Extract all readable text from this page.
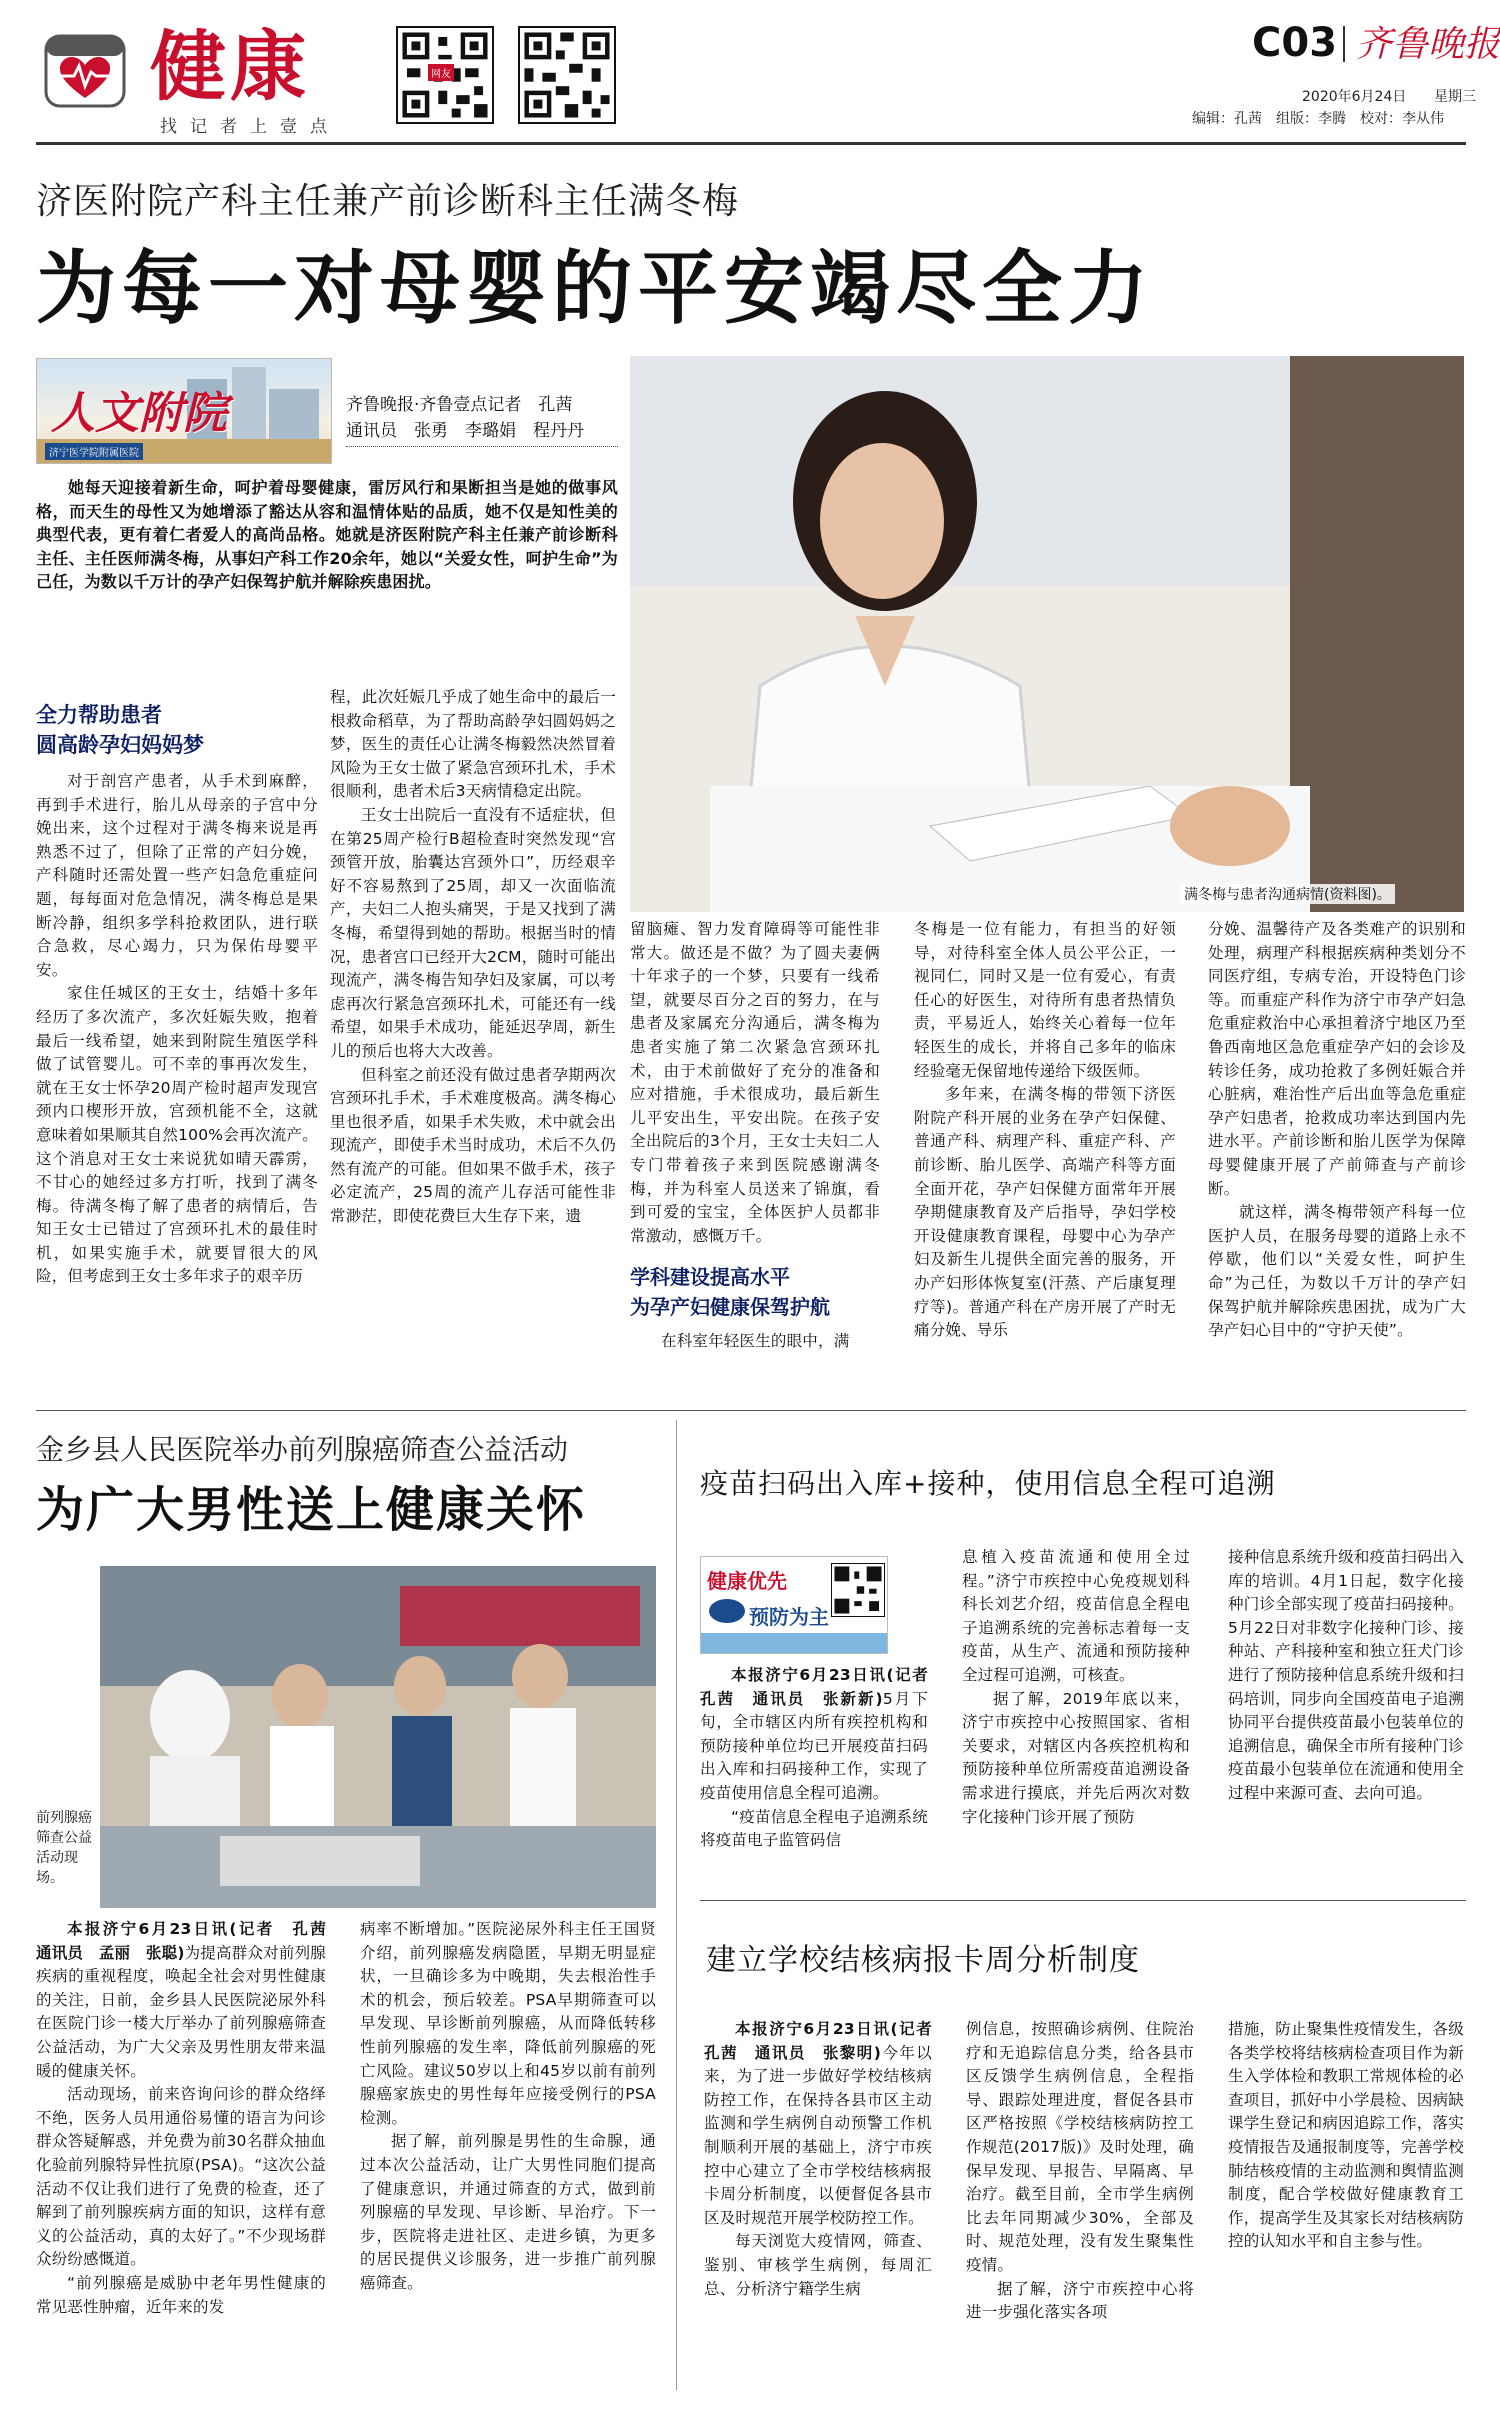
健康
找记者上壹点
网友
C03 齐鲁晚报
2020年6月24日 星期三
编辑：孔茜　组版：李腾　校对：李从伟
济医附院产科主任兼产前诊断科主任满冬梅
为每一对母婴的平安竭尽全力
人文附院
济宁医学院附属医院
齐鲁晚报·齐鲁壹点记者　孔茜
通讯员　张勇　李璐娟　程丹丹

她每天迎接着新生命，呵护着母婴健康，雷厉风行和果断担当是她的做事风格，而天生的母性又为她增添了豁达从容和温情体贴的品质，她不仅是知性美的典型代表，更有着仁者爱人的高尚品格。她就是济医附院产科主任兼产前诊断科主任、主任医师满冬梅，从事妇产科工作20余年，她以“关爱女性，呵护生命”为己任，为数以千万计的孕产妇保驾护航并解除疾患困扰。

满冬梅与患者沟通病情(资料图)。
全力帮助患者
圆高龄孕妇妈妈梦

对于剖宫产患者，从手术到麻醉，再到手术进行，胎儿从母亲的子宫中分娩出来，这个过程对于满冬梅来说是再熟悉不过了，但除了正常的产妇分娩，产科随时还需处置一些产妇急危重症问题，每每面对危急情况，满冬梅总是果断冷静，组织多学科抢救团队，进行联合急救，尽心竭力，只为保佑母婴平安。

家住任城区的王女士，结婚十多年经历了多次流产，多次妊娠失败，抱着最后一线希望，她来到附院生殖医学科做了试管婴儿。可不幸的事再次发生，就在王女士怀孕20周产检时超声发现宫颈内口楔形开放，宫颈机能不全，这就意味着如果顺其自然100%会再次流产。这个消息对王女士来说犹如晴天霹雳，不甘心的她经过多方打听，找到了满冬梅。待满冬梅了解了患者的病情后，告知王女士已错过了宫颈环扎术的最佳时机，如果实施手术，就要冒很大的风险，但考虑到王女士多年求子的艰辛历

程，此次妊娠几乎成了她生命中的最后一根救命稻草，为了帮助高龄孕妇圆妈妈之梦，医生的责任心让满冬梅毅然决然冒着风险为王女士做了紧急宫颈环扎术，手术很顺利，患者术后3天病情稳定出院。

王女士出院后一直没有不适症状，但在第25周产检行B超检查时突然发现“宫颈管开放，胎囊达宫颈外口”，历经艰辛好不容易熬到了25周，却又一次面临流产，夫妇二人抱头痛哭，于是又找到了满冬梅，希望得到她的帮助。根据当时的情况，患者宫口已经开大2CM，随时可能出现流产，满冬梅告知孕妇及家属，可以考虑再次行紧急宫颈环扎术，可能还有一线希望，如果手术成功，能延迟孕周，新生儿的预后也将大大改善。

但科室之前还没有做过患者孕期两次宫颈环扎手术，手术难度极高。满冬梅心里也很矛盾，如果手术失败，术中就会出现流产，即使手术当时成功，术后不久仍然有流产的可能。但如果不做手术，孩子必定流产，25周的流产儿存活可能性非常渺茫，即使花费巨大生存下来，遗

留脑瘫、智力发育障碍等可能性非常大。做还是不做？为了圆夫妻俩十年求子的一个梦，只要有一线希望，就要尽百分之百的努力，在与患者及家属充分沟通后，满冬梅为患者实施了第二次紧急宫颈环扎术，由于术前做好了充分的准备和应对措施，手术很成功，最后新生儿平安出生，平安出院。在孩子安全出院后的3个月，王女士夫妇二人专门带着孩子来到医院感谢满冬梅，并为科室人员送来了锦旗，看到可爱的宝宝，全体医护人员都非常激动，感慨万千。

学科建设提高水平
为孕产妇健康保驾护航

在科室年轻医生的眼中，满

冬梅是一位有能力，有担当的好领导，对待科室全体人员公平公正，一视同仁，同时又是一位有爱心，有责任心的好医生，对待所有患者热情负责，平易近人，始终关心着每一位年轻医生的成长，并将自己多年的临床经验毫无保留地传递给下级医师。

多年来，在满冬梅的带领下济医附院产科开展的业务在孕产妇保健、普通产科、病理产科、重症产科、产前诊断、胎儿医学、高端产科等方面全面开花，孕产妇保健方面常年开展孕期健康教育及产后指导，孕妇学校开设健康教育课程，母婴中心为孕产妇及新生儿提供全面完善的服务，开办产妇形体恢复室(汗蒸、产后康复理疗等)。普通产科在产房开展了产时无痛分娩、导乐

分娩、温馨待产及各类难产的识别和处理，病理产科根据疾病种类划分不同医疗组，专病专治，开设特色门诊等。而重症产科作为济宁市孕产妇急危重症救治中心承担着济宁地区乃至鲁西南地区急危重症孕产妇的会诊及转诊任务，成功抢救了多例妊娠合并心脏病，难治性产后出血等急危重症孕产妇患者，抢救成功率达到国内先进水平。产前诊断和胎儿医学为保障母婴健康开展了产前筛查与产前诊断。

就这样，满冬梅带领产科每一位医护人员，在服务母婴的道路上永不停歇，他们以“关爱女性，呵护生命”为己任，为数以千万计的孕产妇保驾护航并解除疾患困扰，成为广大孕产妇心目中的“守护天使”。

金乡县人民医院举办前列腺癌筛查公益活动
为广大男性送上健康关怀
前列腺癌筛查公益活动现场。

本报济宁6月23日讯(记者　孔茜　通讯员　孟丽　张聪)为提高群众对前列腺疾病的重视程度，唤起全社会对男性健康的关注，日前，金乡县人民医院泌尿外科在医院门诊一楼大厅举办了前列腺癌筛查公益活动，为广大父亲及男性朋友带来温暖的健康关怀。

活动现场，前来咨询问诊的群众络绎不绝，医务人员用通俗易懂的语言为问诊群众答疑解惑，并免费为前30名群众抽血化验前列腺特异性抗原(PSA)。“这次公益活动不仅让我们进行了免费的检查，还了解到了前列腺疾病方面的知识，这样有意义的公益活动，真的太好了。”不少现场群众纷纷感慨道。

“前列腺癌是威胁中老年男性健康的常见恶性肿瘤，近年来的发

病率不断增加。”医院泌尿外科主任王国贤介绍，前列腺癌发病隐匿，早期无明显症状，一旦确诊多为中晚期，失去根治性手术的机会，预后较差。PSA早期筛查可以早发现、早诊断前列腺癌，从而降低转移性前列腺癌的发生率，降低前列腺癌的死亡风险。建议50岁以上和45岁以前有前列腺癌家族史的男性每年应接受例行的PSA检测。

据了解，前列腺是男性的生命腺，通过本次公益活动，让广大男性同胞们提高了健康意识，并通过筛查的方式，做到前列腺癌的早发现、早诊断、早治疗。下一步，医院将走进社区、走进乡镇，为更多的居民提供义诊服务，进一步推广前列腺癌筛查。

疫苗扫码出入库+接种，使用信息全程可追溯
健康优先
预防为主

本报济宁6月23日讯(记者　孔茜　通讯员　张新新)5月下旬，全市辖区内所有疾控机构和预防接种单位均已开展疫苗扫码出入库和扫码接种工作，实现了疫苗使用信息全程可追溯。

“疫苗信息全程电子追溯系统将疫苗电子监管码信

息植入疫苗流通和使用全过程。”济宁市疾控中心免疫规划科科长刘艺介绍，疫苗信息全程电子追溯系统的完善标志着每一支疫苗，从生产、流通和预防接种全过程可追溯，可核查。

据了解，2019年底以来，济宁市疾控中心按照国家、省相关要求，对辖区内各疾控机构和预防接种单位所需疫苗追溯设备需求进行摸底，并先后两次对数字化接种门诊开展了预防

接种信息系统升级和疫苗扫码出入库的培训。4月1日起，数字化接种门诊全部实现了疫苗扫码接种。5月22日对非数字化接种门诊、接种站、产科接种室和独立狂犬门诊进行了预防接种信息系统升级和扫码培训，同步向全国疫苗电子追溯协同平台提供疫苗最小包装单位的追溯信息，确保全市所有接种门诊疫苗最小包装单位在流通和使用全过程中来源可查、去向可追。

建立学校结核病报卡周分析制度

本报济宁6月23日讯(记者　孔茜　通讯员　张黎明)今年以来，为了进一步做好学校结核病防控工作，在保持各县市区主动监测和学生病例自动预警工作机制顺利开展的基础上，济宁市疾控中心建立了全市学校结核病报卡周分析制度，以便督促各县市区及时规范开展学校防控工作。

每天浏览大疫情网，筛查、鉴别、审核学生病例，每周汇总、分析济宁籍学生病

例信息，按照确诊病例、住院治疗和无追踪信息分类，给各县市区反馈学生病例信息，全程指导、跟踪处理进度，督促各县市区严格按照《学校结核病防控工作规范(2017版)》及时处理，确保早发现、早报告、早隔离、早治疗。截至目前，全市学生病例比去年同期减少30%，全部及时、规范处理，没有发生聚集性疫情。

据了解，济宁市疾控中心将进一步强化落实各项

措施，防止聚集性疫情发生，各级各类学校将结核病检查项目作为新生入学体检和教职工常规体检的必查项目，抓好中小学晨检、因病缺课学生登记和病因追踪工作，落实疫情报告及通报制度等，完善学校肺结核疫情的主动监测和舆情监测制度，配合学校做好健康教育工作，提高学生及其家长对结核病防控的认知水平和自主参与性。
